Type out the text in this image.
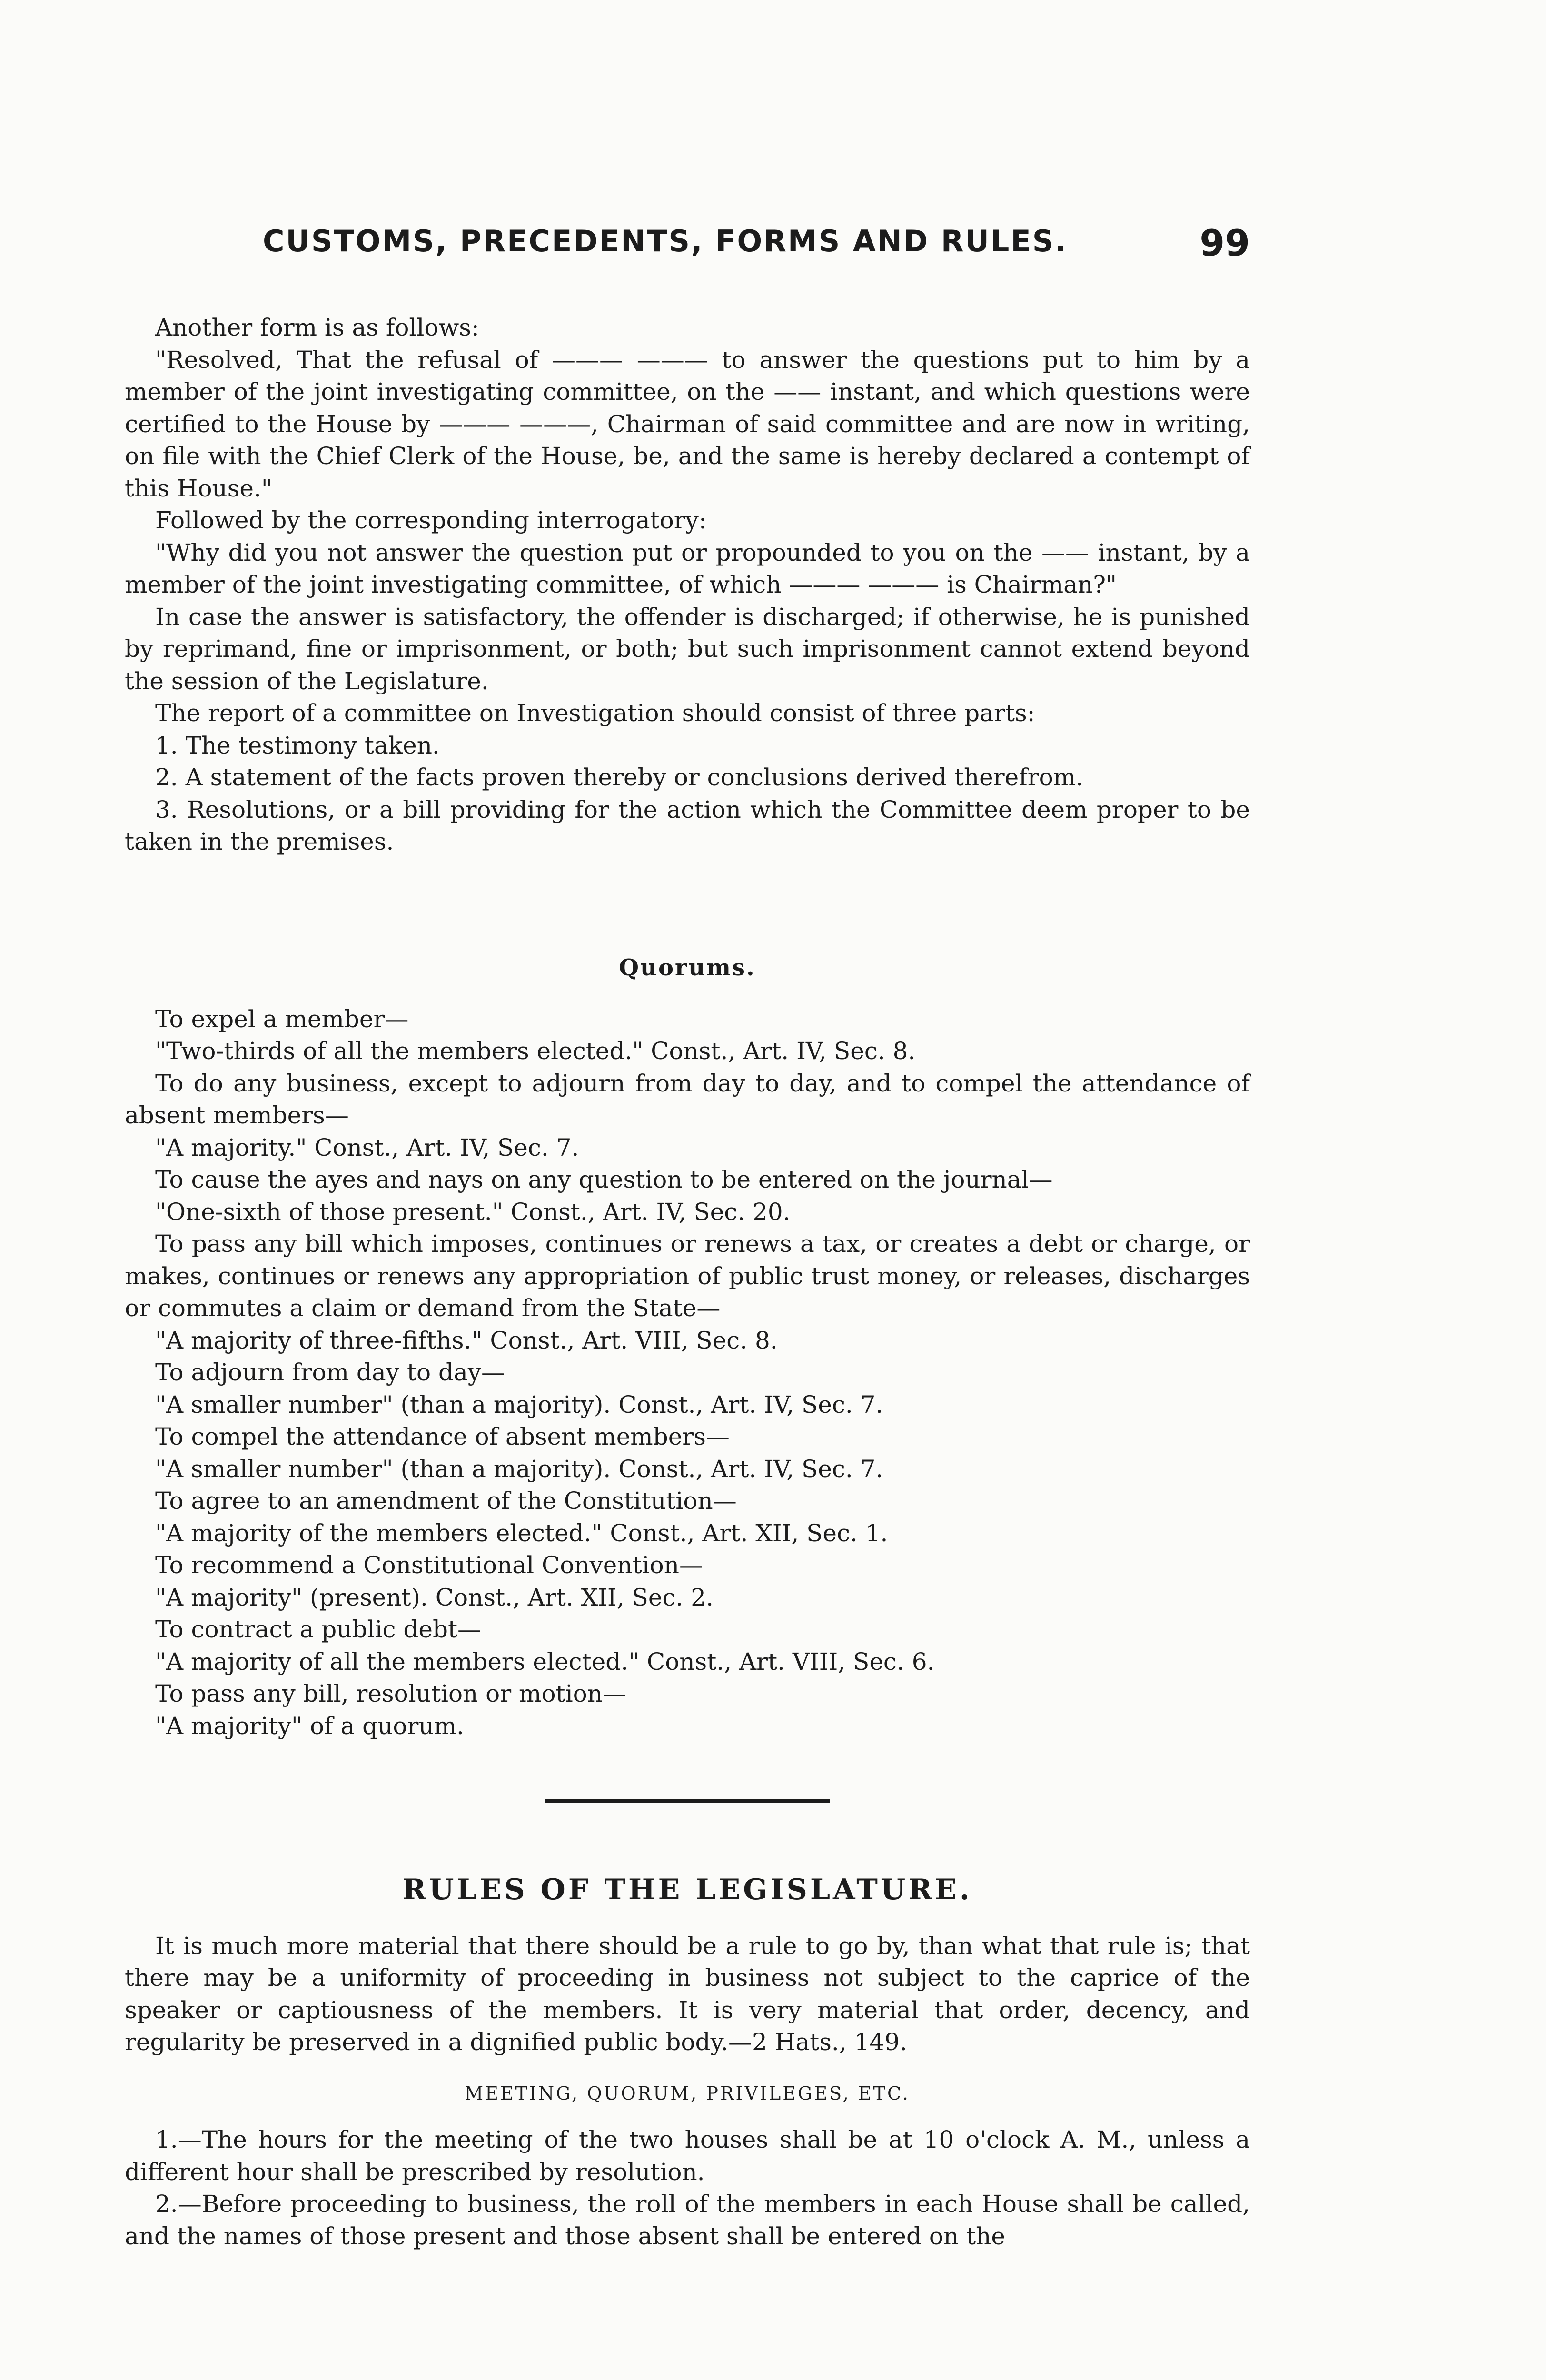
CUSTOMS, PRECEDENTS, FORMS AND RULES.	99

Another form is as follows:

"Resolved, That the refusal of ——— ——— to answer the questions put to him by a member of the joint investigating committee, on the —— instant, and which questions were certified to the House by ——— ———, Chairman of said committee and are now in writing, on file with the Chief Clerk of the House, be, and the same is hereby declared a contempt of this House."

Followed by the corresponding interrogatory:

"Why did you not answer the question put or propounded to you on the —— instant, by a member of the joint investigating committee, of which ——— ——— is Chairman?"

In case the answer is satisfactory, the offender is discharged; if otherwise, he is punished by reprimand, fine or imprisonment, or both; but such imprisonment cannot extend beyond the session of the Legislature.

The report of a committee on Investigation should consist of three parts:

1. The testimony taken.

2. A statement of the facts proven thereby or conclusions derived therefrom.

3. Resolutions, or a bill providing for the action which the Committee deem proper to be taken in the premises.

Quorums.

To expel a member—

"Two-thirds of all the members elected." Const., Art. IV, Sec. 8.

To do any business, except to adjourn from day to day, and to compel the attendance of absent members—

"A majority." Const., Art. IV, Sec. 7.

To cause the ayes and nays on any question to be entered on the journal—

"One-sixth of those present." Const., Art. IV, Sec. 20.

To pass any bill which imposes, continues or renews a tax, or creates a debt or charge, or makes, continues or renews any appropriation of public trust money, or releases, discharges or commutes a claim or demand from the State—

"A majority of three-fifths." Const., Art. VIII, Sec. 8.

To adjourn from day to day—

"A smaller number" (than a majority). Const., Art. IV, Sec. 7.

To compel the attendance of absent members—

"A smaller number" (than a majority). Const., Art. IV, Sec. 7.

To agree to an amendment of the Constitution—

"A majority of the members elected." Const., Art. XII, Sec. 1.

To recommend a Constitutional Convention—

"A majority" (present). Const., Art. XII, Sec. 2.

To contract a public debt—

"A majority of all the members elected." Const., Art. VIII, Sec. 6.

To pass any bill, resolution or motion—

"A majority" of a quorum.

RULES OF THE LEGISLATURE.

It is much more material that there should be a rule to go by, than what that rule is; that there may be a uniformity of proceeding in business not subject to the caprice of the speaker or captiousness of the members. It is very material that order, decency, and regularity be preserved in a dignified public body.—2 Hats., 149.

MEETING, QUORUM, PRIVILEGES, ETC.

1.—The hours for the meeting of the two houses shall be at 10 o'clock A. M., unless a different hour shall be prescribed by resolution.

2.—Before proceeding to business, the roll of the members in each House shall be called, and the names of those present and those absent shall be entered on the
